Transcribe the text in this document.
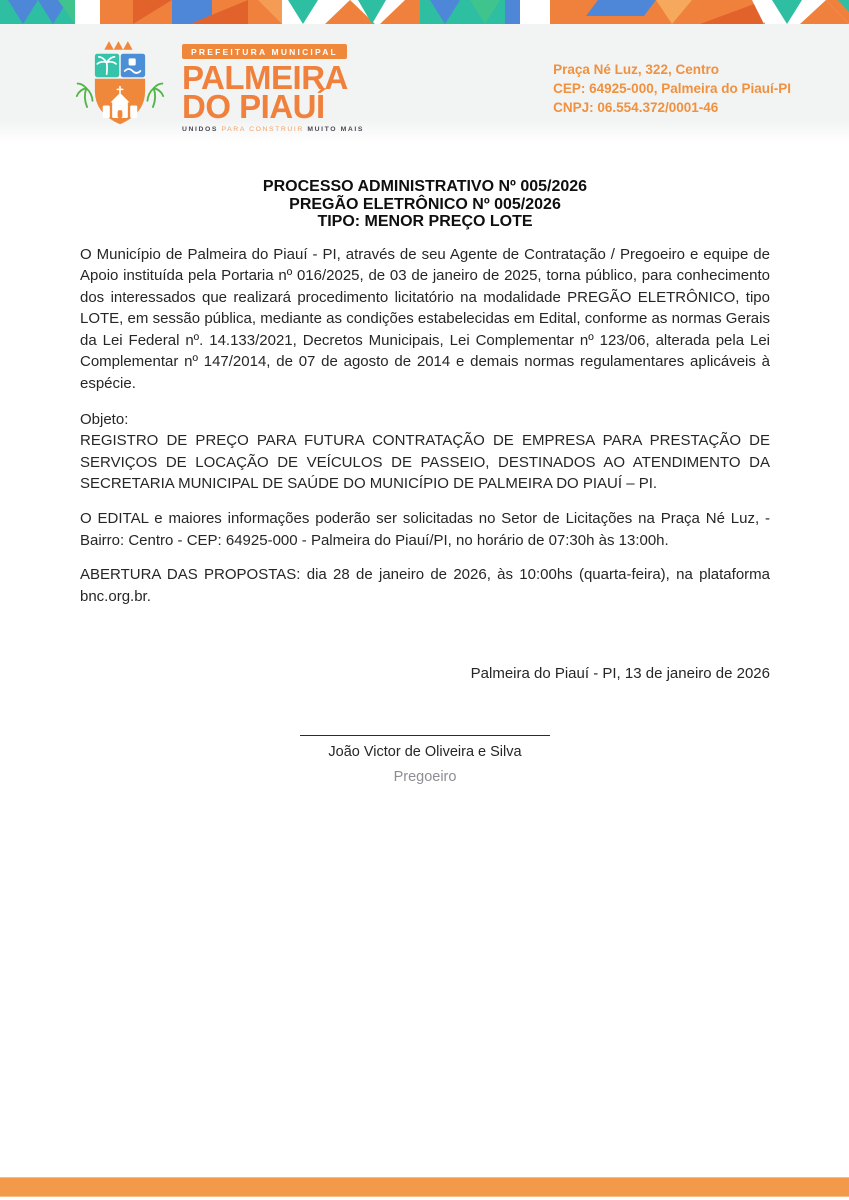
PREFEITURA MUNICIPAL
PALMEIRA
DO PIAUÍ
UNIDOS PARA CONSTRUIR MUITO MAIS
Praça Né Luz, 322, Centro
CEP: 64925-000, Palmeira do Piauí-PI
CNPJ: 06.554.372/0001-46
PROCESSO ADMINISTRATIVO Nº 005/2026
PREGÃO ELETRÔNICO Nº 005/2026
TIPO: MENOR PREÇO LOTE

O Município de Palmeira do Piauí - PI, através de seu Agente de Contratação / Pregoeiro e equipe de Apoio instituída pela Portaria nº 016/2025, de 03 de janeiro de 2025, torna público, para conhecimento dos interessados que realizará procedimento licitatório na modalidade PREGÃO ELETRÔNICO, tipo LOTE, em sessão pública, mediante as condições estabelecidas em Edital, conforme as normas Gerais da Lei Federal nº. 14.133/2021, Decretos Municipais, Lei Complementar nº 123/06, alterada pela Lei Complementar nº 147/2014, de 07 de agosto de 2014 e demais normas regulamentares aplicáveis à espécie.

Objeto:

REGISTRO DE PREÇO PARA FUTURA CONTRATAÇÃO DE EMPRESA PARA PRESTAÇÃO DE SERVIÇOS DE LOCAÇÃO DE VEÍCULOS DE PASSEIO, DESTINADOS AO ATENDIMENTO DA SECRETARIA MUNICIPAL DE SAÚDE DO MUNICÍPIO DE PALMEIRA DO PIAUÍ – PI.

O EDITAL e maiores informações poderão ser solicitadas no Setor de Licitações na Praça Né Luz, - Bairro: Centro - CEP: 64925-000 - Palmeira do Piauí/PI, no horário de 07:30h às 13:00h.

ABERTURA DAS PROPOSTAS: dia 28 de janeiro de 2026, às 10:00hs (quarta-feira), na plataforma bnc.org.br.

Palmeira do Piauí - PI, 13 de janeiro de 2026
João Victor de Oliveira e Silva
Pregoeiro
